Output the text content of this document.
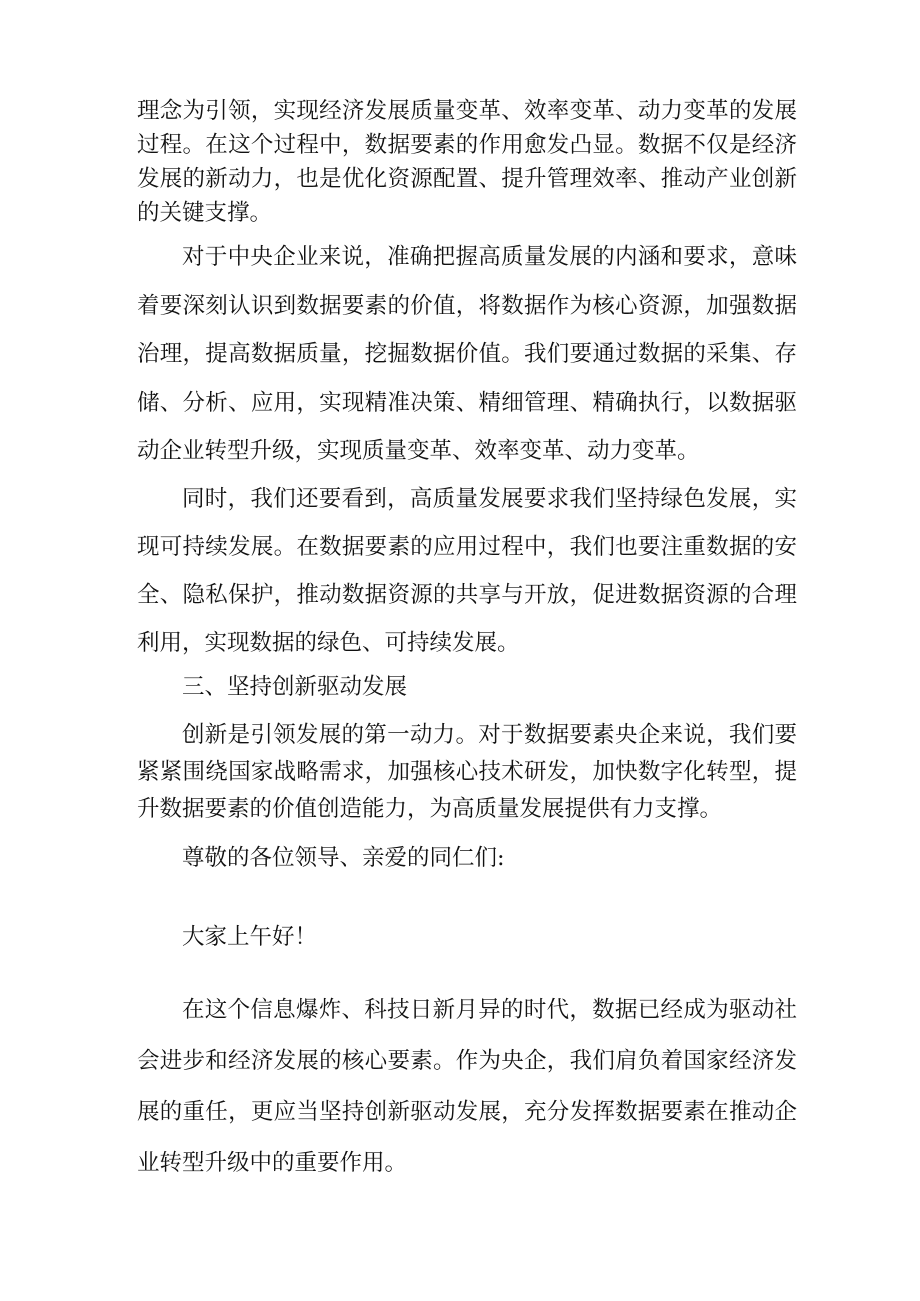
理念为引领，实现经济发展质量变革、效率变革、动力变革的发展过程。在这个过程中，数据要素的作用愈发凸显。数据不仅是经济发展的新动力，也是优化资源配置、提升管理效率、推动产业创新的关键支撑。

对于中央企业来说，准确把握高质量发展的内涵和要求，意味着要深刻认识到数据要素的价值，将数据作为核心资源，加强数据治理，提高数据质量，挖掘数据价值。我们要通过数据的采集、存储、分析、应用，实现精准决策、精细管理、精确执行，以数据驱动企业转型升级，实现质量变革、效率变革、动力变革。

同时，我们还要看到，高质量发展要求我们坚持绿色发展，实现可持续发展。在数据要素的应用过程中，我们也要注重数据的安全、隐私保护，推动数据资源的共享与开放，促进数据资源的合理利用，实现数据的绿色、可持续发展。

三、坚持创新驱动发展

创新是引领发展的第一动力。对于数据要素央企来说，我们要紧紧围绕国家战略需求，加强核心技术研发，加快数字化转型，提升数据要素的价值创造能力，为高质量发展提供有力支撑。

尊敬的各位领导、亲爱的同仁们:

大家上午好！

在这个信息爆炸、科技日新月异的时代，数据已经成为驱动社会进步和经济发展的核心要素。作为央企，我们肩负着国家经济发展的重任，更应当坚持创新驱动发展，充分发挥数据要素在推动企业转型升级中的重要作用。
